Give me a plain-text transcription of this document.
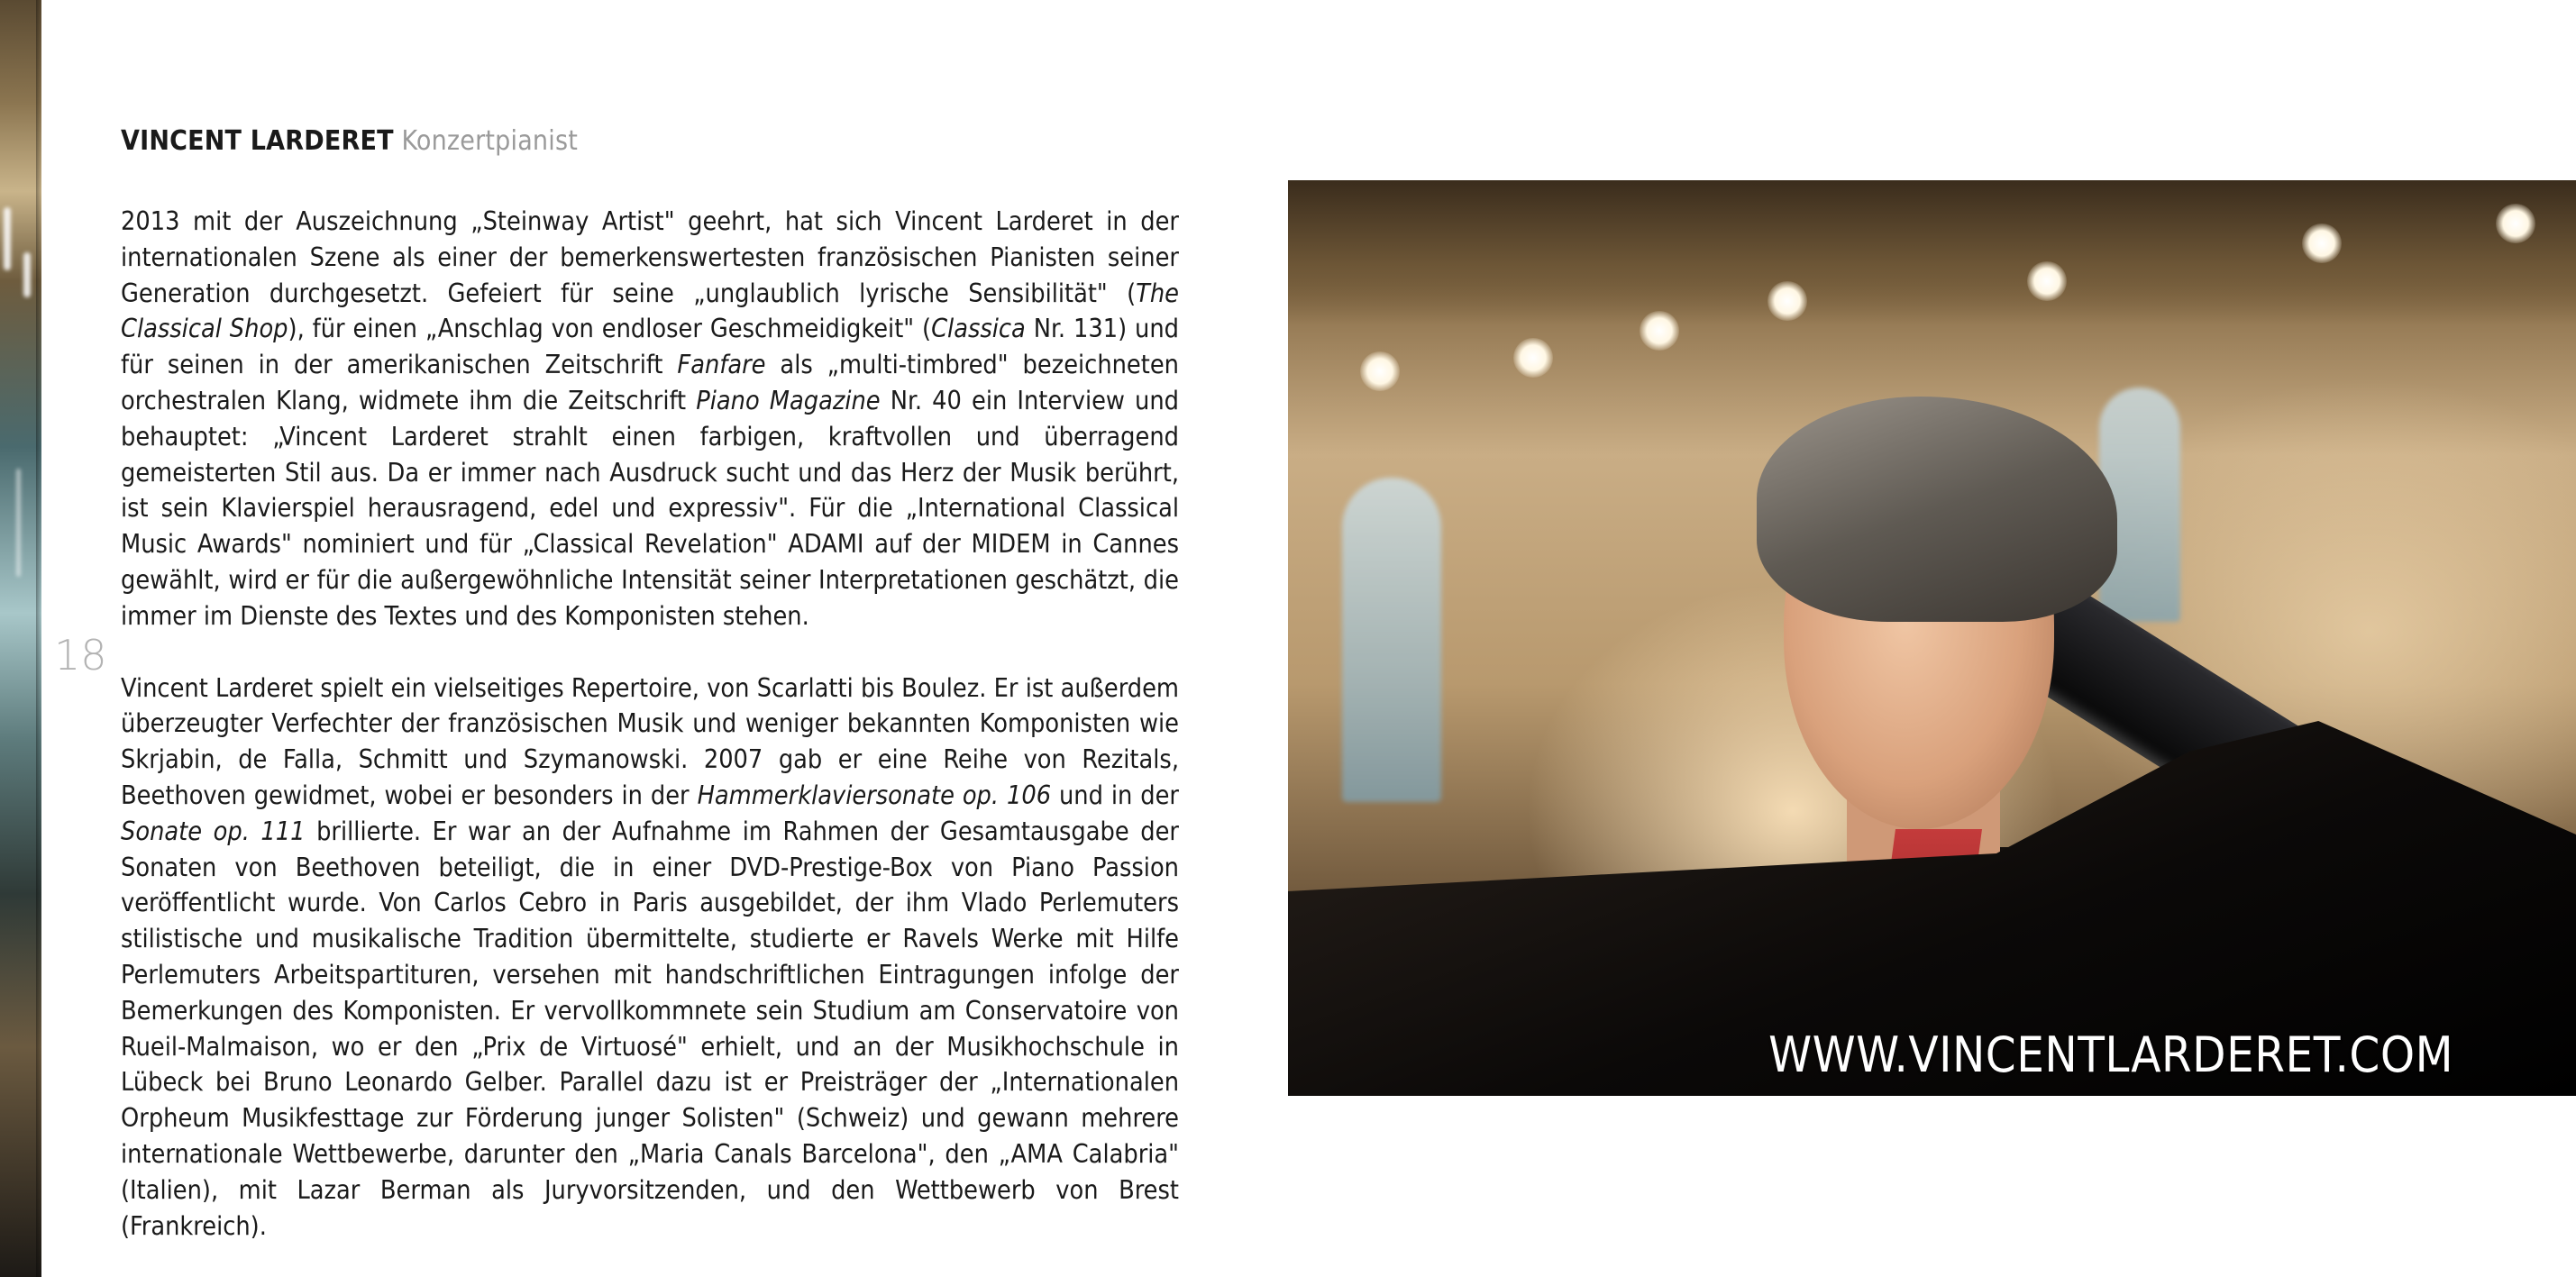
18
VINCENT LARDERET Konzertpianist

2013 mit der Auszeichnung „Steinway Artist" geehrt, hat sich Vincent Larderet in der internationalen Szene als einer der bemerkenswertesten französischen Pianisten seiner Generation durchgesetzt. Gefeiert für seine „unglaublich lyrische Sensibilität" (The Classical Shop), für einen „Anschlag von endloser Geschmeidigkeit" (Classica Nr. 131) und für seinen in der amerikanischen Zeitschrift Fanfare als „multi-timbred" bezeichneten orchestralen Klang, widmete ihm die Zeitschrift Piano Magazine Nr. 40 ein Interview und behauptet: „Vincent Larderet strahlt einen farbigen, kraftvollen und überragend gemeisterten Stil aus. Da er immer nach Ausdruck sucht und das Herz der Musik berührt, ist sein Klavierspiel herausragend, edel und expressiv". Für die „International Classical Music Awards" nominiert und für „Classical Revelation" ADAMI auf der MIDEM in Cannes gewählt, wird er für die außergewöhnliche Intensität seiner Interpretationen geschätzt, die immer im Dienste des Textes und des Komponisten stehen.

Vincent Larderet spielt ein vielseitiges Repertoire, von Scarlatti bis Boulez. Er ist außerdem überzeugter Verfechter der französischen Musik und weniger bekannten Komponisten wie Skrjabin, de Falla, Schmitt und Szymanowski. 2007 gab er eine Reihe von Rezitals, Beethoven gewidmet, wobei er besonders in der Hammerklaviersonate op. 106 und in der Sonate op. 111 brillierte. Er war an der Aufnahme im Rahmen der Gesamtausgabe der Sonaten von Beethoven beteiligt, die in einer DVD-Prestige-Box von Piano Passion veröffentlicht wurde. Von Carlos Cebro in Paris ausgebildet, der ihm Vlado Perlemuters stilistische und musikalische Tradition übermittelte, studierte er Ravels Werke mit Hilfe Perlemuters Arbeitspartituren, versehen mit handschriftlichen Eintragungen infolge der Bemerkungen des Komponisten. Er vervollkommnete sein Studium am Conservatoire von Rueil-Malmaison, wo er den „Prix de Virtuosé" erhielt, und an der Musikhochschule in Lübeck bei Bruno Leonardo Gelber. Parallel dazu ist er Preisträger der „Internationalen Orpheum Musikfesttage zur Förderung junger Solisten" (Schweiz) und gewann mehrere internationale Wettbewerbe, darunter den „Maria Canals Barcelona", den „AMA Calabria" (Italien), mit Lazar Berman als Juryvorsitzenden, und den Wettbewerb von Brest (Frankreich).

WWW.VINCENTLARDERET.COM
